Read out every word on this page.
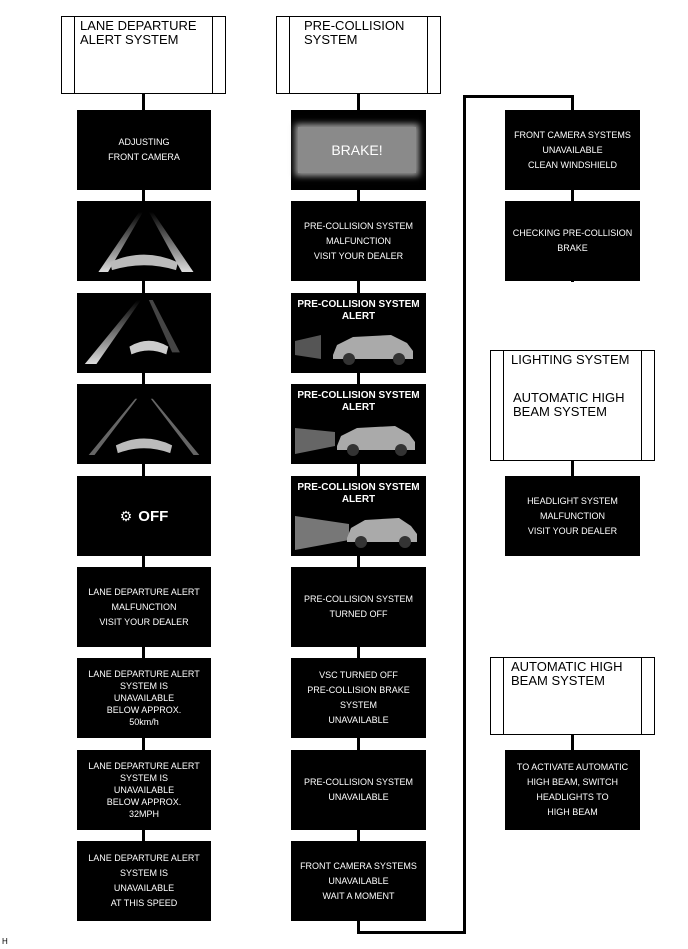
LANE DEPARTURE
ALERT SYSTEM
PRE-COLLISION
SYSTEM
LIGHTING SYSTEM
AUTOMATIC HIGH
BEAM SYSTEM
AUTOMATIC HIGH
BEAM SYSTEM
ADJUSTING
FRONT CAMERA
⚙ OFF
LANE DEPARTURE ALERT
MALFUNCTION
VISIT YOUR DEALER
LANE DEPARTURE ALERT
SYSTEM IS
UNAVAILABLE
BELOW APPROX.
50km/h
LANE DEPARTURE ALERT
SYSTEM IS
UNAVAILABLE
BELOW APPROX.
32MPH
LANE DEPARTURE ALERT
SYSTEM IS
UNAVAILABLE
AT THIS SPEED
BRAKE!
PRE-COLLISION SYSTEM
MALFUNCTION
VISIT YOUR DEALER
PRE-COLLISION SYSTEM
ALERT
PRE-COLLISION SYSTEM
ALERT
PRE-COLLISION SYSTEM
ALERT
PRE-COLLISION SYSTEM
TURNED OFF
VSC TURNED OFF
PRE-COLLISION BRAKE SYSTEM
UNAVAILABLE
PRE-COLLISION SYSTEM
UNAVAILABLE
FRONT CAMERA SYSTEMS
UNAVAILABLE
WAIT A MOMENT
FRONT CAMERA SYSTEMS
UNAVAILABLE
CLEAN WINDSHIELD
CHECKING PRE-COLLISION
BRAKE
HEADLIGHT SYSTEM
MALFUNCTION
VISIT YOUR DEALER
TO ACTIVATE AUTOMATIC
HIGH BEAM, SWITCH
HEADLIGHTS TO
HIGH BEAM
H
